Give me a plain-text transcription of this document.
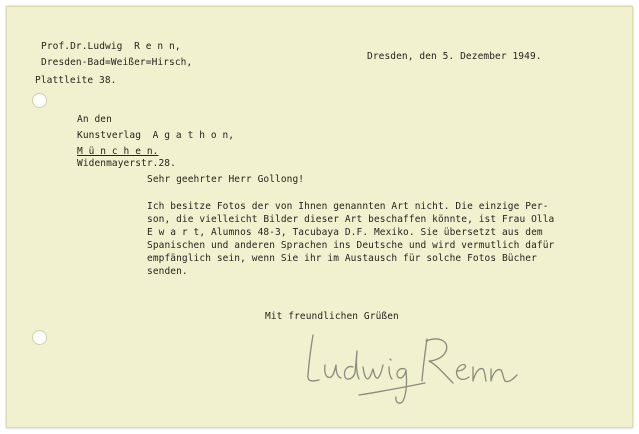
Prof.Dr.Ludwig  R e n n,
Dresden-Bad=Weißer=Hirsch,
Plattleite 38.
Dresden, den 5. Dezember 1949.
An den
Kunstverlag  A g a t h o n,
M ü n c h e n.
Widenmayerstr.28.
Sehr geehrter Herr Gollong!
Ich besitze Fotos der von Ihnen genannten Art nicht. Die einzige Per-
son, die vielleicht Bilder dieser Art beschaffen könnte, ist Frau Olla
E w a r t, Alumnos 48-3, Tacubaya D.F. Mexiko. Sie übersetzt aus dem
Spanischen und anderen Sprachen ins Deutsche und wird vermutlich dafür
empfänglich sein, wenn Sie ihr im Austausch für solche Fotos Bücher
senden.
Mit freundlichen Grüßen
